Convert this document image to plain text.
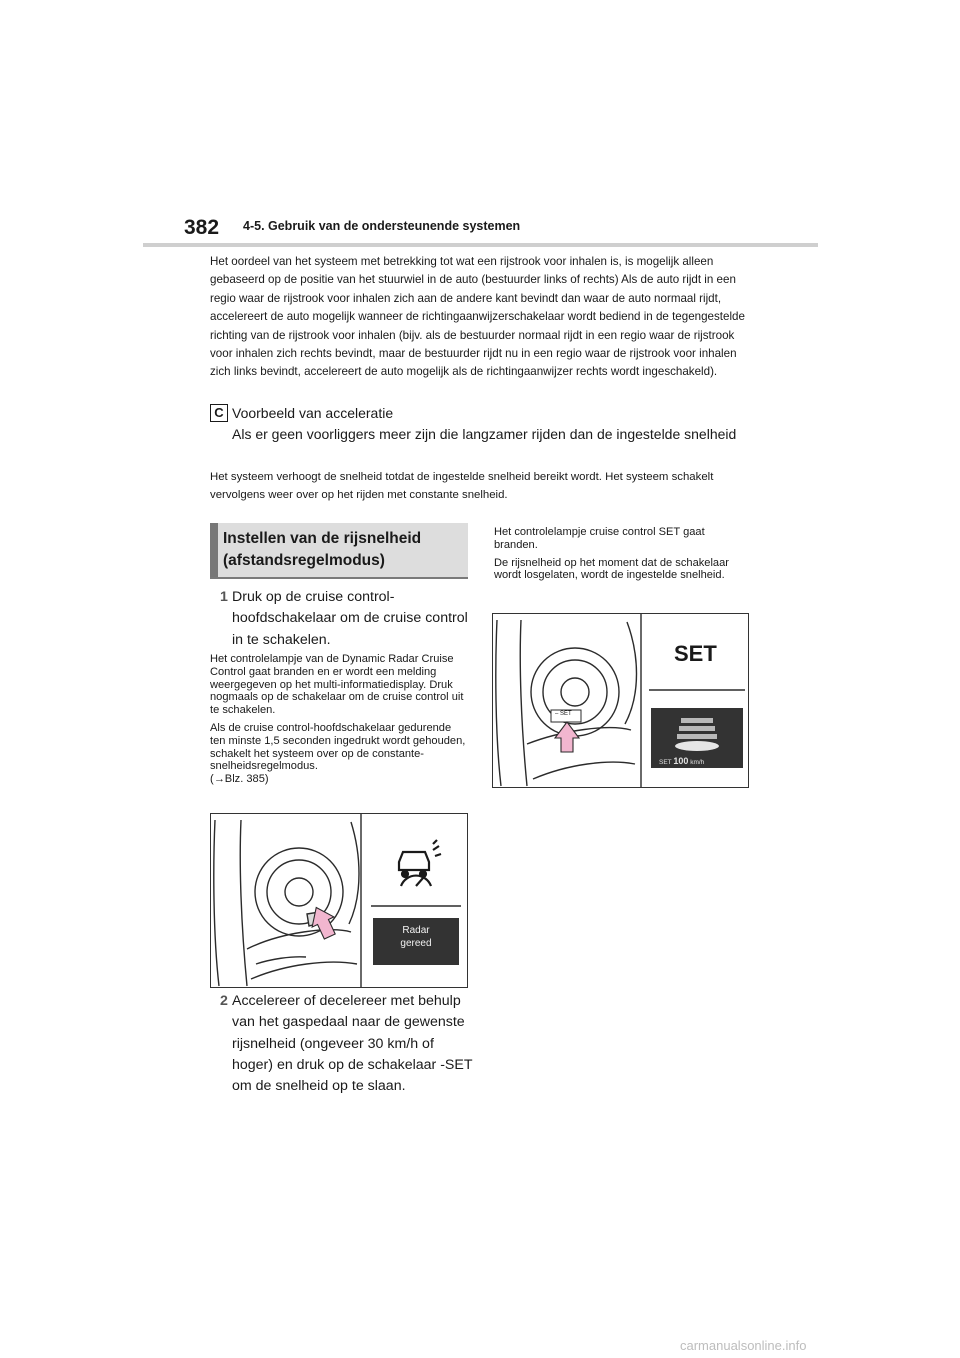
382 4-5. Gebruik van de ondersteunende systemen
Het oordeel van het systeem met betrekking tot wat een rijstrook voor inhalen is, is mogelijk alleen gebaseerd op de positie van het stuurwiel in de auto (bestuurder links of rechts) Als de auto rijdt in een regio waar de rijstrook voor inhalen zich aan de andere kant bevindt dan waar de auto normaal rijdt, accelereert de auto mogelijk wanneer de richtingaanwijzerschakelaar wordt bediend in de tegengestelde richting van de rijstrook voor inhalen (bijv. als de bestuurder normaal rijdt in een regio waar de rijstrook voor inhalen zich rechts bevindt, maar de bestuurder rijdt nu in een regio waar de rijstrook voor inhalen zich links bevindt, accelereert de auto mogelijk als de richtingaanwijzer rechts wordt ingeschakeld).
C Voorbeeld van acceleratie
Als er geen voorliggers meer zijn die langzamer rijden dan de ingestelde snelheid
Het systeem verhoogt de snelheid totdat de ingestelde snelheid bereikt wordt. Het systeem schakelt vervolgens weer over op het rijden met constante snelheid.
Instellen van de rijsnelheid
(afstandsregelmodus)
1 Druk op de cruise control-hoofdschakelaar om de cruise control in te schakelen.

Het controlelampje van de Dynamic Radar Cruise Control gaat branden en er wordt een melding weergegeven op het multi-informatiedisplay. Druk nogmaals op de schakelaar om de cruise control uit te schakelen.

Als de cruise control-hoofdschakelaar gedurende ten minste 1,5 seconden ingedrukt wordt gehouden, schakelt het systeem over op de constante-snelheidsregelmodus.
(→Blz. 385)

Radar
gereed
2 Accelereer of decelereer met behulp van het gaspedaal naar de gewenste rijsnelheid (ongeveer 30 km/h of hoger) en druk op de schakelaar -SET om de snelheid op te slaan.

Het controlelampje cruise control SET gaat branden.

De rijsnelheid op het moment dat de schakelaar wordt losgelaten, wordt de ingestelde snelheid.

SET
– SET
SET 100 km/h
carmanualsonline.info
